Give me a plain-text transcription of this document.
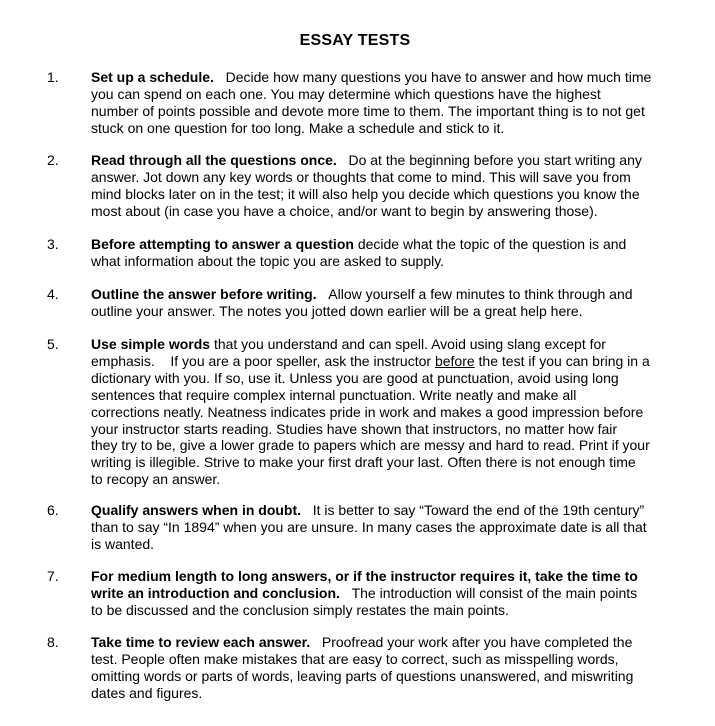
ESSAY TESTS
1. Set up a schedule. Decide how many questions you have to answer and how much time
you can spend on each one. You may determine which questions have the highest
number of points possible and devote more time to them. The important thing is to not get
stuck on one question for too long. Make a schedule and stick to it.
2. Read through all the questions once. Do at the beginning before you start writing any
answer. Jot down any key words or thoughts that come to mind. This will save you from
mind blocks later on in the test; it will also help you decide which questions you know the
most about (in case you have a choice, and/or want to begin by answering those).
3. Before attempting to answer a question decide what the topic of the question is and
what information about the topic you are asked to supply.
4. Outline the answer before writing. Allow yourself a few minutes to think through and
outline your answer. The notes you jotted down earlier will be a great help here.
5. Use simple words that you understand and can spell. Avoid using slang except for
emphasis.    If you are a poor speller, ask the instructor before the test if you can bring in a
dictionary with you. If so, use it. Unless you are good at punctuation, avoid using long
sentences that require complex internal punctuation. Write neatly and make all
corrections neatly. Neatness indicates pride in work and makes a good impression before
your instructor starts reading. Studies have shown that instructors, no matter how fair
they try to be, give a lower grade to papers which are messy and hard to read. Print if your
writing is illegible. Strive to make your first draft your last. Often there is not enough time
to recopy an answer.
6. Qualify answers when in doubt. It is better to say “Toward the end of the 19th century”
than to say “In 1894” when you are unsure. In many cases the approximate date is all that
is wanted.
7. For medium length to long answers, or if the instructor requires it, take the time to
write an introduction and conclusion. The introduction will consist of the main points
to be discussed and the conclusion simply restates the main points.
8. Take time to review each answer. Proofread your work after you have completed the
test. People often make mistakes that are easy to correct, such as misspelling words,
omitting words or parts of words, leaving parts of questions unanswered, and miswriting
dates and figures.
